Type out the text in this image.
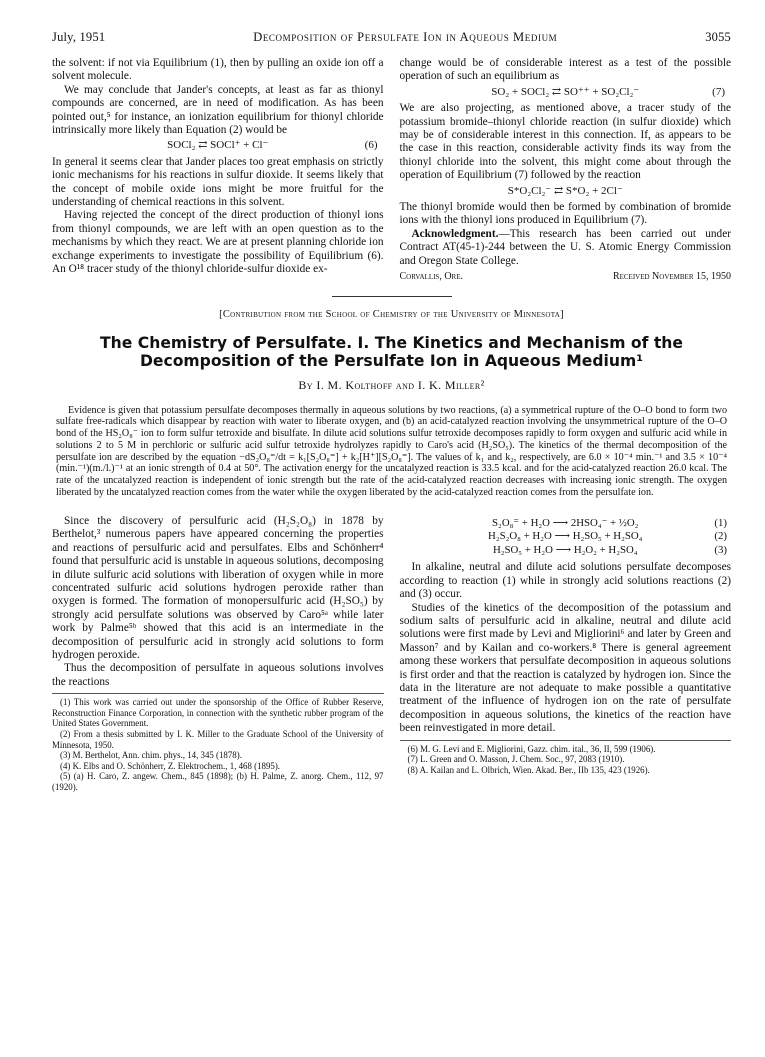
July, 1951	Decomposition of Persulfate Ion in Aqueous Medium	3055

the solvent: if not via Equilibrium (1), then by pulling an oxide ion off a solvent molecule.

We may conclude that Jander's concepts, at least as far as thionyl compounds are concerned, are in need of modification. As has been pointed out,⁵ for instance, an ionization equilibrium for thionyl chloride intrinsically more likely than Equation (2) would be

SOCl₂
⇄
SOCl⁺ + Cl⁻	(6)

In general it seems clear that Jander places too great emphasis on strictly ionic mechanisms for his reactions in sulfur dioxide. It seems likely that the concept of mobile oxide ions might be more fruitful for the understanding of chemical reactions in this solvent.

Having rejected the concept of the direct production of thionyl ions from thionyl compounds, we are left with an open question as to the mechanisms by which they react. We are at present planning chloride ion exchange experiments to investigate the possibility of Equilibrium (6). An O¹⁸ tracer study of the thionyl chloride-sulfur dioxide ex-

change would be of considerable interest as a test of the possible operation of such an equilibrium as

SO₂ + SOCl₂
⇄
SO⁺⁺ + SO₂Cl₂⁻	(7)

We are also projecting, as mentioned above, a tracer study of the potassium bromide–thionyl chloride reaction (in sulfur dioxide) which may be of considerable interest in this connection. If, as appears to be the case in this reaction, considerable activity finds its way from the thionyl chloride into the solvent, this might come about through the operation of Equilibrium (7) followed by the reaction

S*O₂Cl₂⁻
⇄
S*O₂ + 2Cl⁻

The thionyl bromide would then be formed by combination of bromide ions with the thionyl ions produced in Equilibrium (7).

Acknowledgment.—This research has been carried out under Contract AT(45-1)-244 between the U. S. Atomic Energy Commission and Oregon State College.

Corvallis, Ore.	Received November 15, 1950
[Contribution from the School of Chemistry of the University of Minnesota]
The Chemistry of Persulfate. I. The Kinetics and Mechanism of the Decomposition of the Persulfate Ion in Aqueous Medium¹
By I. M. Kolthoff and I. K. Miller²
Evidence is given that potassium persulfate decomposes thermally in aqueous solutions by two reactions, (a) a symmetrical rupture of the O–O bond to form two sulfate free-radicals which disappear by reaction with water to liberate oxygen, and (b) an acid-catalyzed reaction involving the unsymmetrical rupture of the O–O bond of the HS₂O₈⁻ ion to form sulfur tetroxide and bisulfate. In dilute acid solutions sulfur tetroxide decomposes rapidly to form oxygen and sulfuric acid while in solutions 2 to 5 M in perchloric or sulfuric acid sulfur tetroxide hydrolyzes rapidly to Caro's acid (H₂SO₅). The kinetics of the thermal decomposition of the persulfate ion are described by the equation −dS₂O₈⁼/dt = k₁[S₂O₈⁼] + k₂[H⁺][S₂O₈⁼]. The values of k₁ and k₂, respectively, are 6.0 × 10⁻⁴ min.⁻¹ and 3.5 × 10⁻⁴ (min.⁻¹)(m./l.)⁻¹ at an ionic strength of 0.4 at 50°. The activation energy for the uncatalyzed reaction is 33.5 kcal. and for the acid-catalyzed reaction 26.0 kcal. The rate of the uncatalyzed reaction is independent of ionic strength but the rate of the acid-catalyzed reaction decreases with increasing ionic strength. The oxygen liberated by the uncatalyzed reaction comes from the water while the oxygen liberated by the acid-catalyzed reaction comes from the persulfate ion.

Since the discovery of persulfuric acid (H₂S₂O₈) in 1878 by Berthelot,³ numerous papers have appeared concerning the properties and reactions of persulfuric acid and persulfates. Elbs and Schönherr⁴ found that persulfuric acid is unstable in aqueous solutions, decomposing in dilute sulfuric acid solutions with liberation of oxygen while in more concentrated sulfuric acid solutions hydrogen peroxide rather than oxygen is formed. The formation of monopersulfuric acid (H₂SO₅) by strongly acid persulfate solutions was observed by Caro⁵ᵃ while later work by Palme⁵ᵇ showed that this acid is an intermediate in the decomposition of persulfuric acid in strongly acid solutions to form hydrogen peroxide.

Thus the decomposition of persulfate in aqueous solutions involves the reactions

(1) This work was carried out under the sponsorship of the Office of Rubber Reserve, Reconstruction Finance Corporation, in connection with the synthetic rubber program of the United States Government.
(2) From a thesis submitted by I. K. Miller to the Graduate School of the University of Minnesota, 1950.
(3) M. Berthelot, Ann. chim. phys., 14, 345 (1878).
(4) K. Elbs and O. Schönherr, Z. Elektrochem., 1, 468 (1895).
(5) (a) H. Caro, Z. angew. Chem., 845 (1898); (b) H. Palme, Z. anorg. Chem., 112, 97 (1920).
S₂O₈⁼ + H₂O
⟶
2HSO₄⁻ + ½O₂	(1)
H₂S₂O₈ + H₂O
⟶
H₂SO₅ + H₂SO₄	(2)
H₂SO₅ + H₂O
⟶
H₂O₂ + H₂SO₄	(3)

In alkaline, neutral and dilute acid solutions persulfate decomposes according to reaction (1) while in strongly acid solutions reactions (2) and (3) occur.

Studies of the kinetics of the decomposition of the potassium and sodium salts of persulfuric acid in alkaline, neutral and dilute acid solutions were first made by Levi and Migliorini⁶ and later by Green and Masson⁷ and by Kailan and co-workers.⁸ There is general agreement among these workers that persulfate decomposition in aqueous solutions is first order and that the reaction is catalyzed by hydrogen ion. Since the data in the literature are not adequate to make possible a quantitative treatment of the influence of hydrogen ion on the rate of persulfate decomposition in aqueous solutions, the kinetics of the reaction have been reinvestigated in more detail.

(6) M. G. Levi and E. Migliorini, Gazz. chim. ital., 36, II, 599 (1906).
(7) L. Green and O. Masson, J. Chem. Soc., 97, 2083 (1910).
(8) A. Kailan and L. Olbrich, Wien. Akad. Ber., IIb 135, 423 (1926).
